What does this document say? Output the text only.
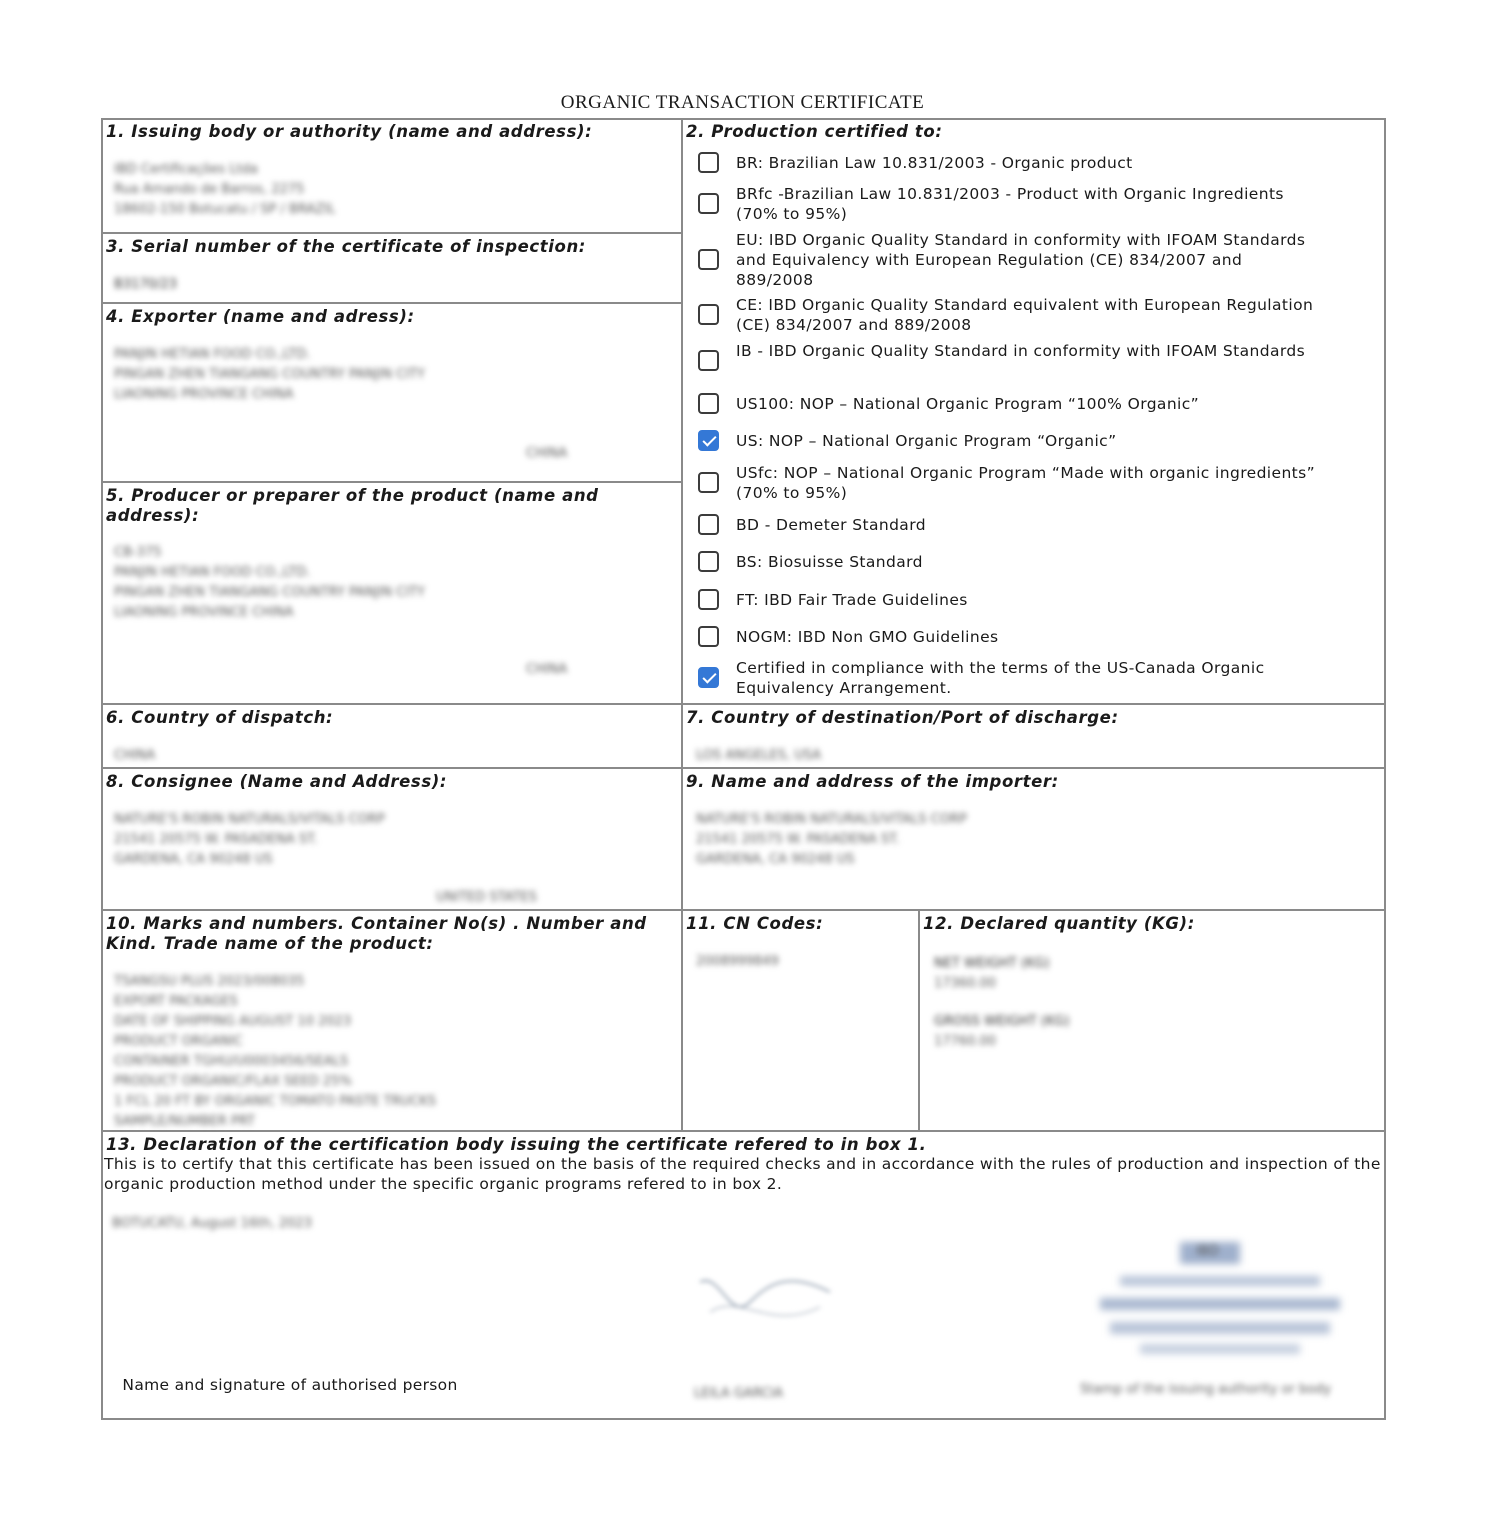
ORGANIC TRANSACTION CERTIFICATE
1. Issuing body or authority (name and address):
IBD Certificações Ltda
Rua Amando de Barros, 2275
18602-150 Botucatu / SP / BRAZIL
3. Serial number of the certificate of inspection:
B3170/23
4. Exporter (name and adress):
PANJIN HETIAN FOOD CO.,LTD.
PINGAN ZHEN TIANGANG COUNTRY PANJIN CITY
LIAONING PROVINCE CHINA
CHINA
5. Producer or preparer of the product (name and address):
CB-375
PANJIN HETIAN FOOD CO.,LTD.
PINGAN ZHEN TIANGANG COUNTRY PANJIN CITY
LIAONING PROVINCE CHINA
CHINA
2. Production certified to:
BR: Brazilian Law 10.831/2003 - Organic product
BRfc -Brazilian Law 10.831/2003 - Product with Organic Ingredients (70% to 95%)
EU: IBD Organic Quality Standard in conformity with IFOAM Standards and Equivalency with European Regulation (CE) 834/2007 and 889/2008
CE: IBD Organic Quality Standard equivalent with European Regulation (CE) 834/2007 and 889/2008
IB - IBD Organic Quality Standard in conformity with IFOAM Standards
US100: NOP – National Organic Program “100% Organic”
US: NOP – National Organic Program “Organic”
USfc: NOP – National Organic Program “Made with organic ingredients” (70% to 95%)
BD - Demeter Standard
BS: Biosuisse Standard
FT: IBD Fair Trade Guidelines
NOGM: IBD Non GMO Guidelines
Certified in compliance with the terms of the US-Canada Organic Equivalency Arrangement.
6. Country of dispatch:
CHINA
7. Country of destination/Port of discharge:
LOS ANGELES, USA
8. Consignee (Name and Address):
NATURE'S ROBIN NATURALS/VITALS CORP
21541 20575 W. PASADENA ST.
GARDENA, CA 90248 US
UNITED STATES
9. Name and address of the importer:
NATURE'S ROBIN NATURALS/VITALS CORP
21541 20575 W. PASADENA ST.
GARDENA, CA 90248 US
10. Marks and numbers. Container No(s) . Number and Kind. Trade name of the product:
TSANGSU PLUS 2023/008035
EXPORT PACKAGES
DATE OF SHIPPING AUGUST 10 2023
PRODUCT ORGANIC
CONTAINER TGHU/U0003456/SEALS
PRODUCT ORGANIC/FLAX SEED 25%
1 FCL 20 FT BY ORGANIC TOMATO PASTE TRUCKS
SAMPLE/NUMBER PRT
11. CN Codes:
2008999849
12. Declared quantity (KG):
NET WEIGHT (KG)
17360.00
GROSS WEIGHT (KG)
17760.00
13. Declaration of the certification body issuing the certificate refered to in box 1.
This is to certify that this certificate has been issued on the basis of the required checks and in accordance with the rules of production and inspection of the organic production method under the specific organic programs refered to in box 2.
BOTUCATU, August 16th, 2023
LEILA GARCIA
IBD
Stamp of the issuing authority or body
Name and signature of authorised person
